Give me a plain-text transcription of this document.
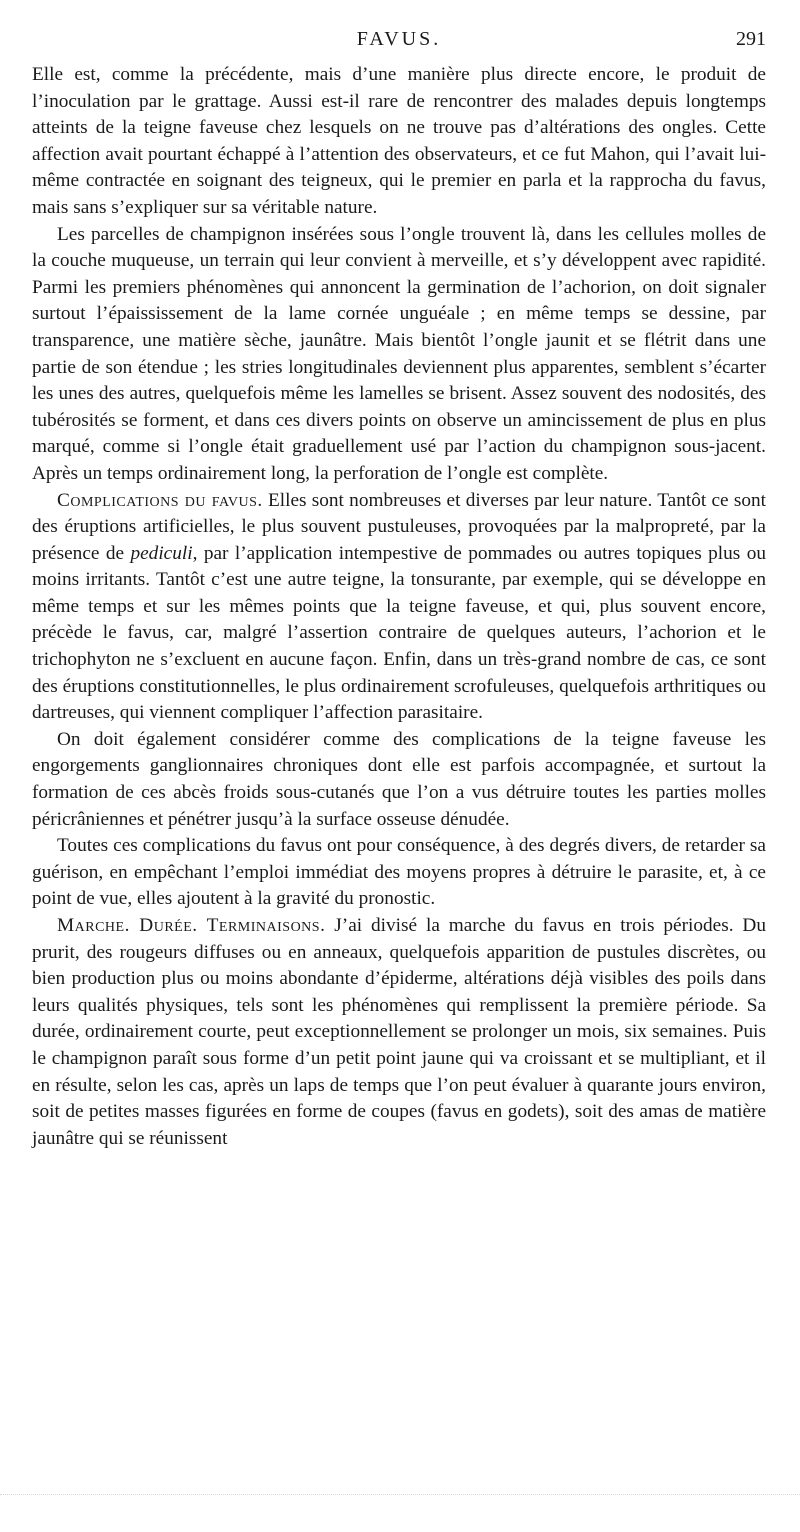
FAVUS.	291

Elle est, comme la précédente, mais d’une manière plus directe encore, le produit de l’inoculation par le grattage. Aussi est-il rare de rencontrer des malades depuis longtemps atteints de la teigne faveuse chez lesquels on ne trouve pas d’altérations des ongles. Cette affection avait pourtant échappé à l’attention des observateurs, et ce fut Mahon, qui l’avait lui-même contractée en soignant des teigneux, qui le premier en parla et la rapprocha du favus, mais sans s’expliquer sur sa véritable nature.

Les parcelles de champignon insérées sous l’ongle trouvent là, dans les cellules molles de la couche muqueuse, un terrain qui leur convient à merveille, et s’y développent avec rapidité. Parmi les premiers phénomènes qui annoncent la germination de l’achorion, on doit signaler surtout l’épaississement de la lame cornée unguéale ; en même temps se dessine, par transparence, une matière sèche, jaunâtre. Mais bientôt l’ongle jaunit et se flétrit dans une partie de son étendue ; les stries longitudinales deviennent plus apparentes, semblent s’écarter les unes des autres, quelquefois même les lamelles se brisent. Assez souvent des nodosités, des tubérosités se forment, et dans ces divers points on observe un amincissement de plus en plus marqué, comme si l’ongle était graduellement usé par l’action du champignon sous-jacent. Après un temps ordinairement long, la perforation de l’ongle est complète.

Complications du favus. Elles sont nombreuses et diverses par leur nature. Tantôt ce sont des éruptions artificielles, le plus souvent pustuleuses, provoquées par la malpropreté, par la présence de pediculi, par l’application intempestive de pommades ou autres topiques plus ou moins irritants. Tantôt c’est une autre teigne, la tonsurante, par exemple, qui se développe en même temps et sur les mêmes points que la teigne faveuse, et qui, plus souvent encore, précède le favus, car, malgré l’assertion contraire de quelques auteurs, l’achorion et le trichophyton ne s’excluent en aucune façon. Enfin, dans un très-grand nombre de cas, ce sont des éruptions constitutionnelles, le plus ordinairement scrofuleuses, quelquefois arthritiques ou dartreuses, qui viennent compliquer l’affection parasitaire.

On doit également considérer comme des complications de la teigne faveuse les engorgements ganglionnaires chroniques dont elle est parfois accompagnée, et surtout la formation de ces abcès froids sous-cutanés que l’on a vus détruire toutes les parties molles péricrâniennes et pénétrer jusqu’à la surface osseuse dénudée.

Toutes ces complications du favus ont pour conséquence, à des degrés divers, de retarder sa guérison, en empêchant l’emploi immédiat des moyens propres à détruire le parasite, et, à ce point de vue, elles ajoutent à la gravité du pronostic.

Marche. Durée. Terminaisons. J’ai divisé la marche du favus en trois périodes. Du prurit, des rougeurs diffuses ou en anneaux, quelquefois apparition de pustules discrètes, ou bien production plus ou moins abondante d’épiderme, altérations déjà visibles des poils dans leurs qualités physiques, tels sont les phénomènes qui remplissent la première période. Sa durée, ordinairement courte, peut exceptionnellement se prolonger un mois, six semaines. Puis le champignon paraît sous forme d’un petit point jaune qui va croissant et se multipliant, et il en résulte, selon les cas, après un laps de temps que l’on peut évaluer à quarante jours environ, soit de petites masses figurées en forme de coupes (favus en godets), soit des amas de matière jaunâtre qui se réunissent
